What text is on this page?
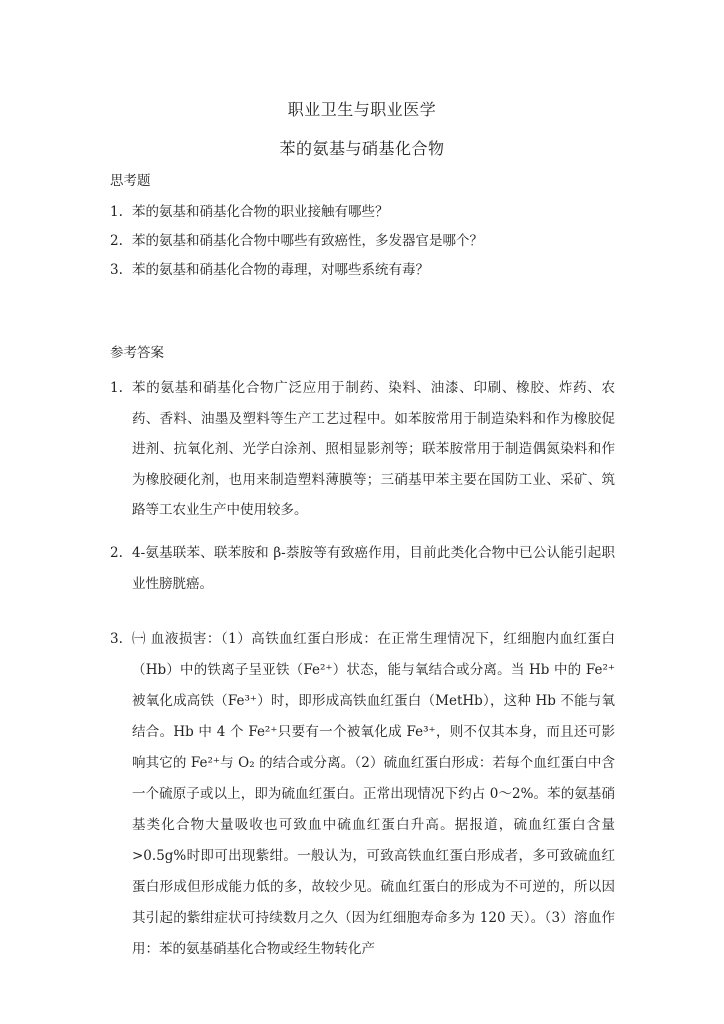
职业卫生与职业医学
苯的氨基与硝基化合物
思考题
1. 苯的氨基和硝基化合物的职业接触有哪些？
2. 苯的氨基和硝基化合物中哪些有致癌性，多发器官是哪个？
3. 苯的氨基和硝基化合物的毒理，对哪些系统有毒？
参考答案
1. 苯的氨基和硝基化合物广泛应用于制药、染料、油漆、印刷、橡胶、炸药、农药、香料、油墨及塑料等生产工艺过程中。如苯胺常用于制造染料和作为橡胶促进剂、抗氧化剂、光学白涂剂、照相显影剂等；联苯胺常用于制造偶氮染料和作为橡胶硬化剂，也用来制造塑料薄膜等；三硝基甲苯主要在国防工业、采矿、筑路等工农业生产中使用较多。
2. 4-氨基联苯、联苯胺和 β-萘胺等有致癌作用，目前此类化合物中已公认能引起职业性膀胱癌。
3. ㈠ 血液损害：（1）高铁血红蛋白形成：在正常生理情况下，红细胞内血红蛋白（Hb）中的铁离子呈亚铁（Fe²⁺）状态，能与氧结合或分离。当 Hb 中的 Fe²⁺被氧化成高铁（Fe³⁺）时，即形成高铁血红蛋白（MetHb），这种 Hb 不能与氧结合。Hb 中 4 个 Fe²⁺只要有一个被氧化成 Fe³⁺，则不仅其本身，而且还可影响其它的 Fe²⁺与 O₂ 的结合或分离。（2）硫血红蛋白形成：若每个血红蛋白中含一个硫原子或以上，即为硫血红蛋白。正常出现情况下约占 0～2%。苯的氨基硝基类化合物大量吸收也可致血中硫血红蛋白升高。据报道，硫血红蛋白含量>0.5g%时即可出现紫绀。一般认为，可致高铁血红蛋白形成者，多可致硫血红蛋白形成但形成能力低的多，故较少见。硫血红蛋白的形成为不可逆的，所以因其引起的紫绀症状可持续数月之久（因为红细胞寿命多为 120 天）。（3）溶血作用：苯的氨基硝基化合物或经生物转化产
